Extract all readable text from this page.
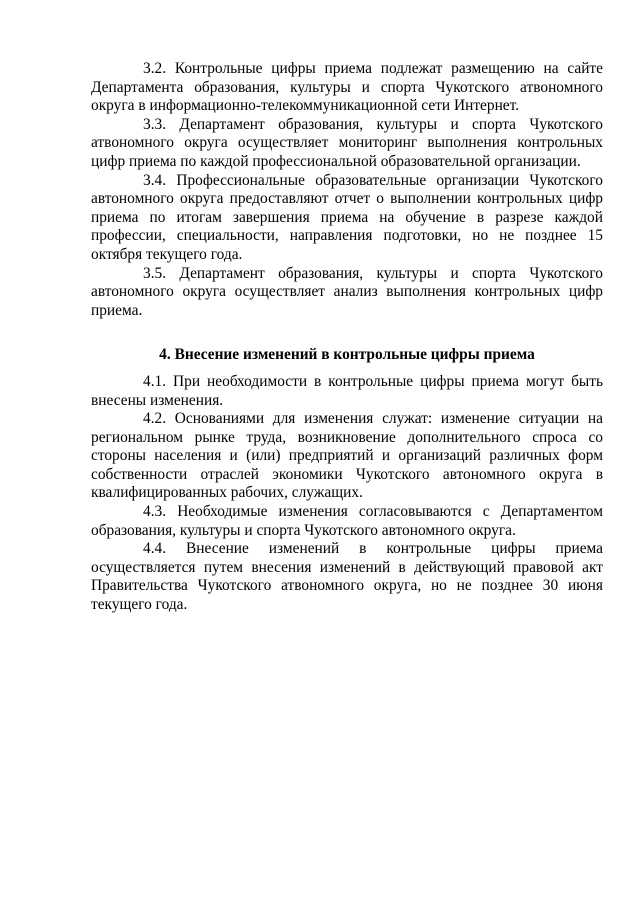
3.2. Контрольные цифры приема подлежат размещению на сайте Департамента образования, культуры и спорта Чукотского атвономного округа в информационно-телекоммуникационной сети Интернет.

3.3. Департамент образования, культуры и спорта Чукотского атвономного округа осуществляет мониторинг выполнения контрольных цифр приема по каждой профессиональной образовательной организации.

3.4. Профессиональные образовательные организации Чукотского автономного округа предоставляют отчет о выполнении контрольных цифр приема по итогам завершения приема на обучение в разрезе каждой профессии, специальности, направления подготовки, но не позднее 15 октября текущего года.

3.5. Департамент образования, культуры и спорта Чукотского автономного округа осуществляет анализ выполнения контрольных цифр приема.

4. Внесение изменений в контрольные цифры приема

4.1. При необходимости в контрольные цифры приема могут быть внесены изменения.

4.2. Основаниями для изменения служат: изменение ситуации на региональном рынке труда, возникновение дополнительного спроса со стороны населения и (или) предприятий и организаций различных форм собственности отраслей экономики Чукотского автономного округа в квалифицированных рабочих, служащих.

4.3. Необходимые изменения согласовываются с Департаментом образования, культуры и спорта Чукотского автономного округа.

4.4. Внесение изменений в контрольные цифры приема осуществляется путем внесения изменений в действующий правовой акт Правительства Чукотского атвономного округа, но не позднее 30 июня текущего года.
